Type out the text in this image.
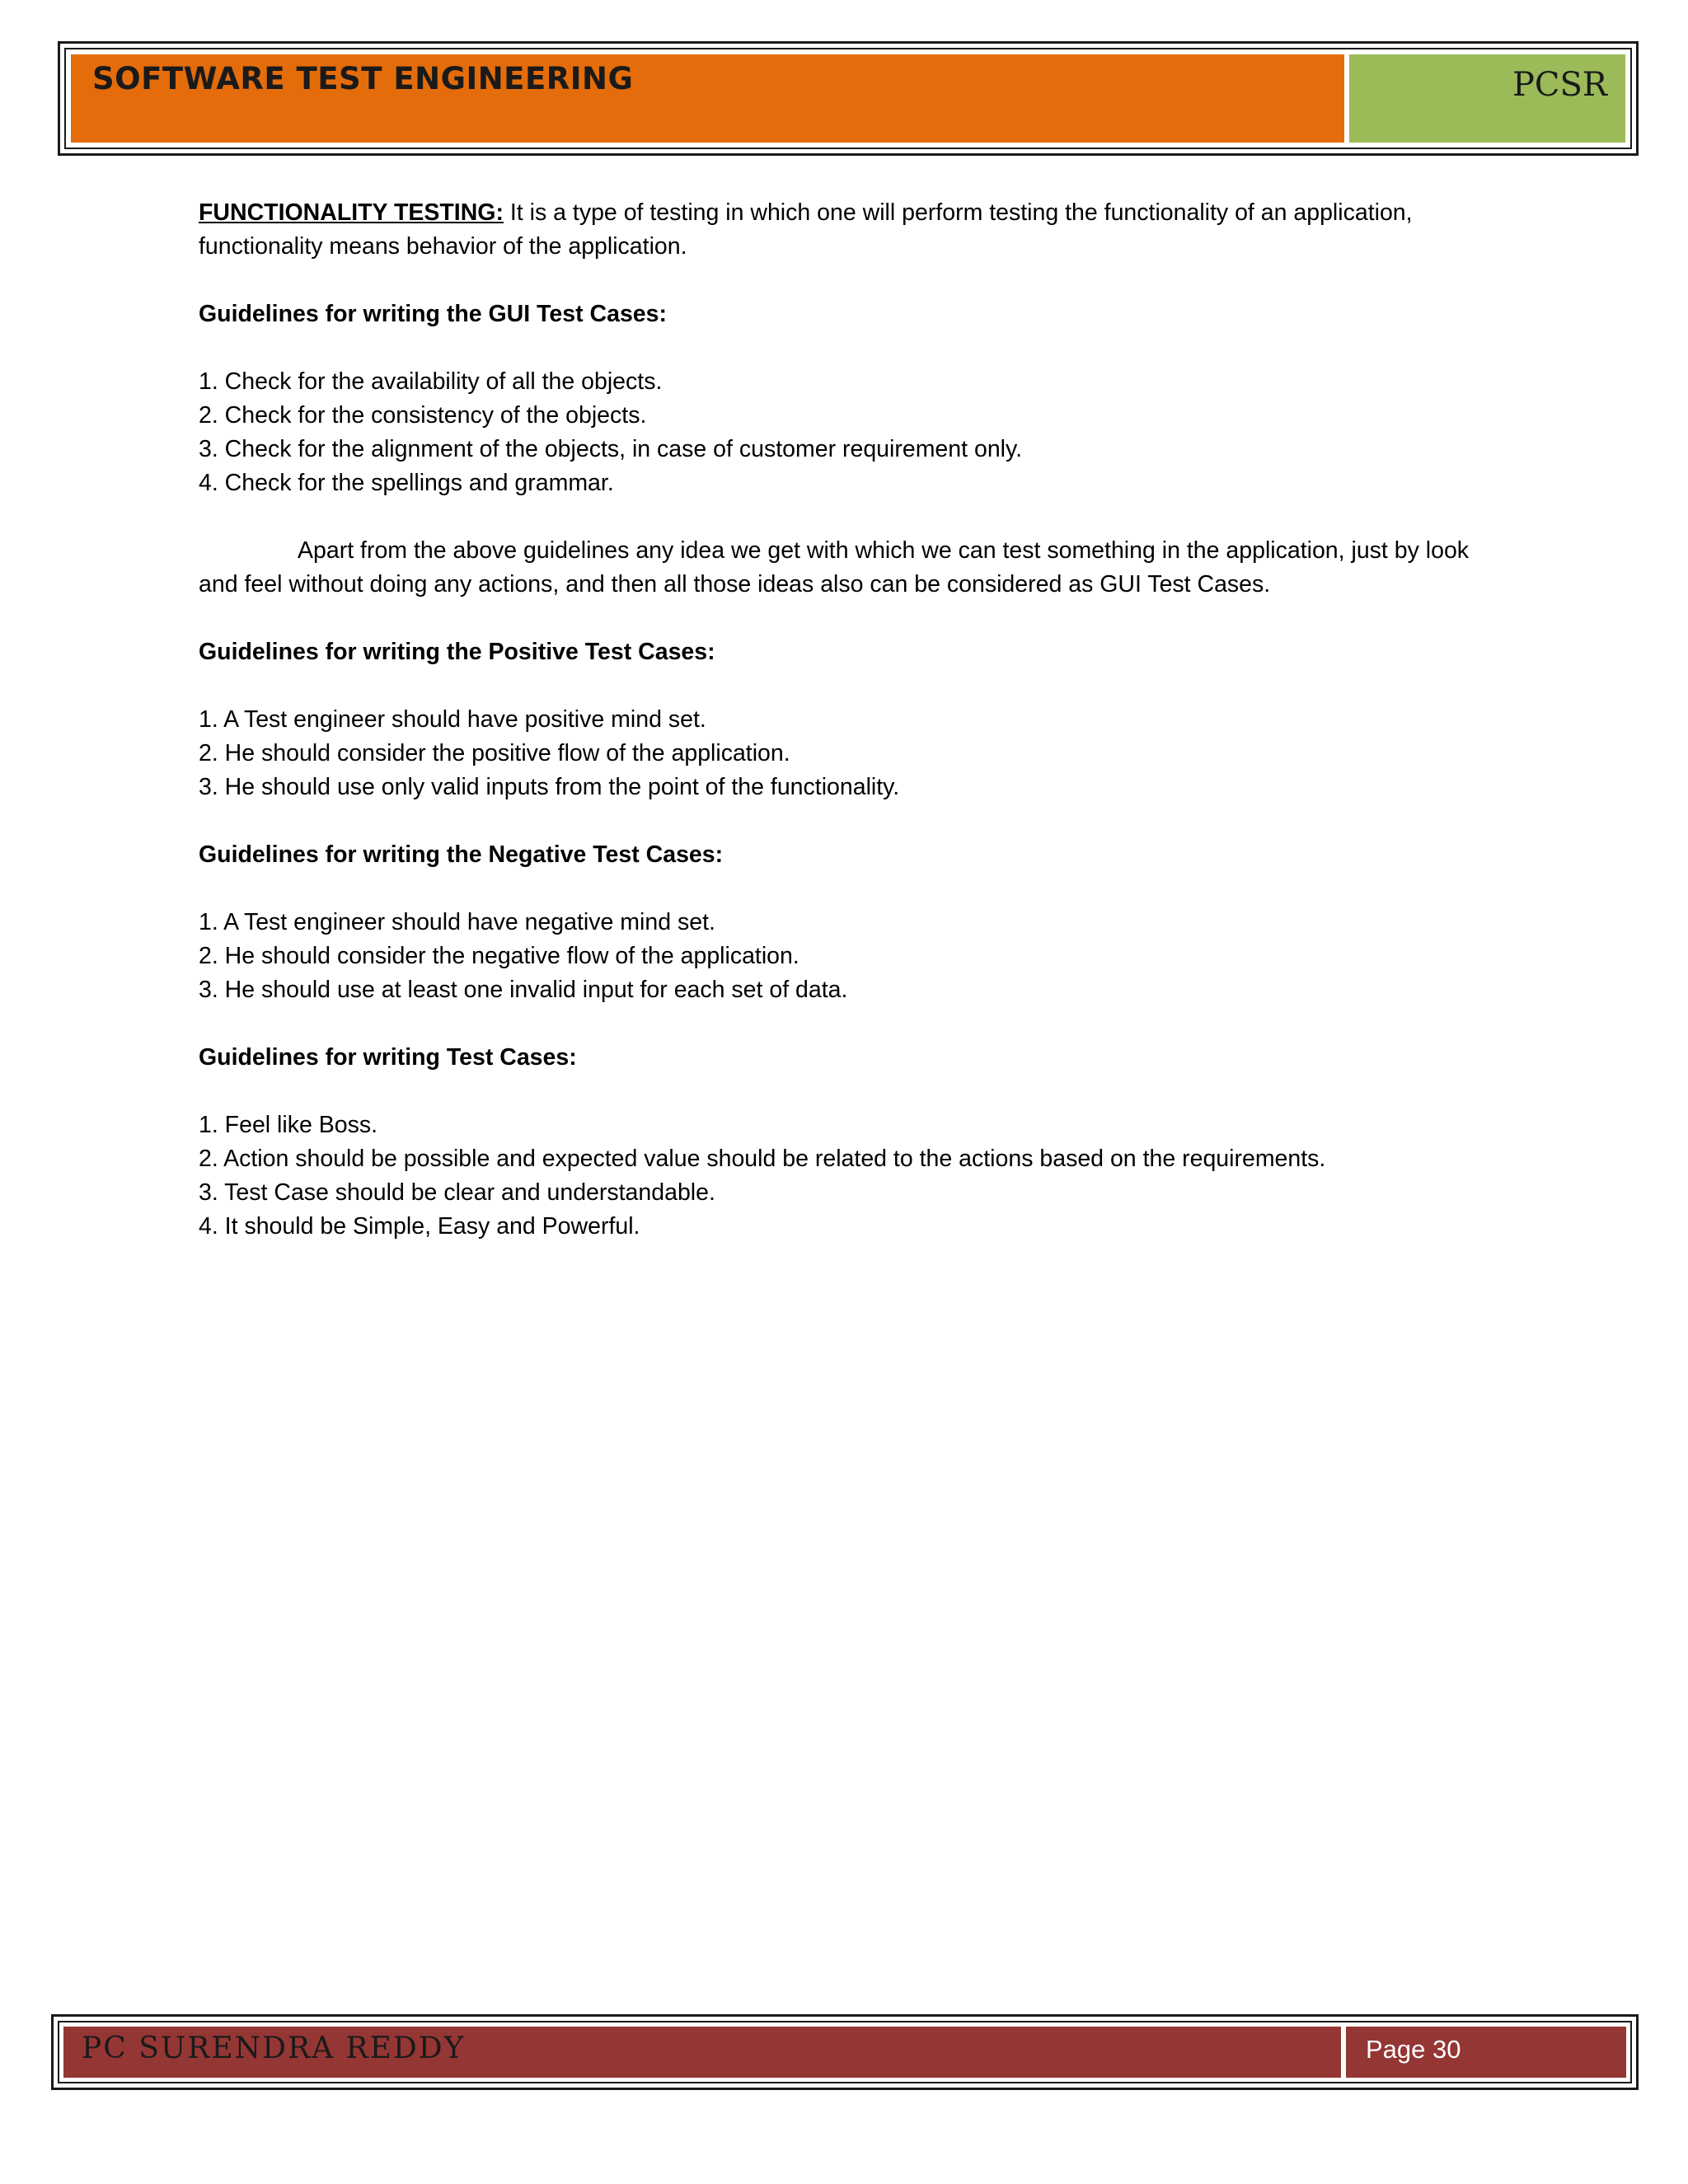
SOFTWARE TEST ENGINEERING	PCSR

FUNCTIONALITY TESTING: It is a type of testing in which one will perform testing the functionality of an application, functionality means behavior of the application.

Guidelines for writing the GUI Test Cases:

1. Check for the availability of all the objects.
2. Check for the consistency of the objects.
3. Check for the alignment of the objects, in case of customer requirement only.
4. Check for the spellings and grammar.

Apart from the above guidelines any idea we get with which we can test something in the application, just by look and feel without doing any actions, and then all those ideas also can be considered as GUI Test Cases.

Guidelines for writing the Positive Test Cases:

1. A Test engineer should have positive mind set.
2. He should consider the positive flow of the application.
3. He should use only valid inputs from the point of the functionality.

Guidelines for writing the Negative Test Cases:

1. A Test engineer should have negative mind set.
2. He should consider the negative flow of the application.
3. He should use at least one invalid input for each set of data.

Guidelines for writing Test Cases:

1. Feel like Boss.
2. Action should be possible and expected value should be related to the actions based on the requirements.
3. Test Case should be clear and understandable.
4. It should be Simple, Easy and Powerful.
PC SURENDRA REDDY	Page 30
